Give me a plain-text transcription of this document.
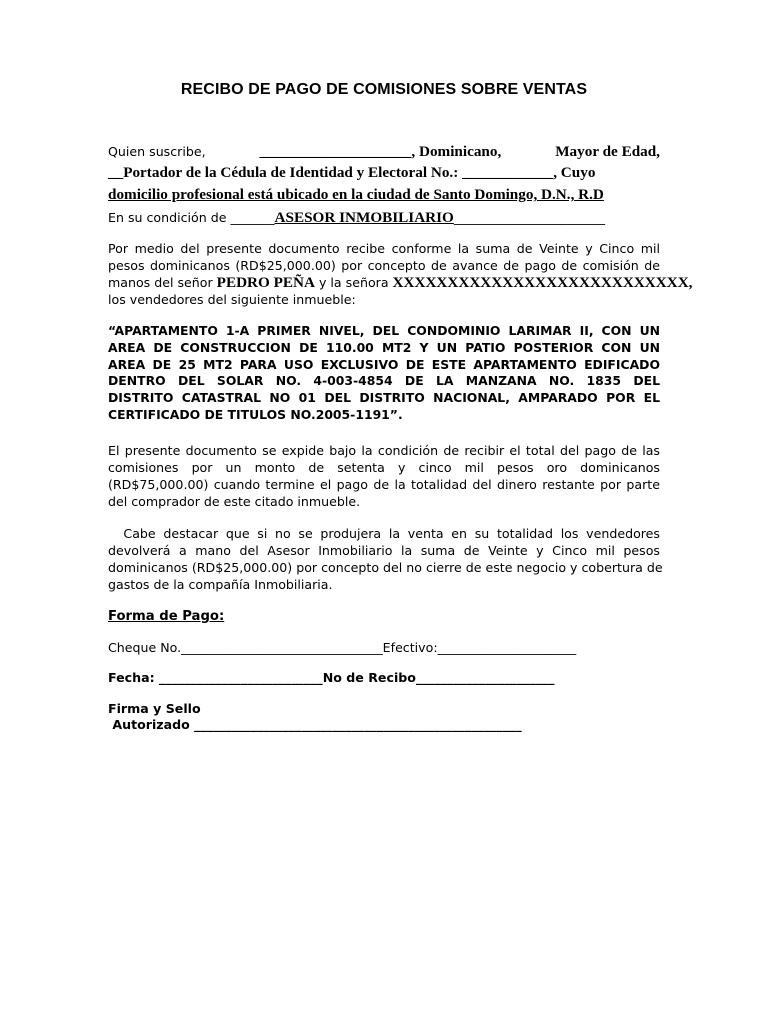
RECIBO DE PAGO DE COMISIONES SOBRE VENTAS
Quien suscribe,	____________________, Dominicano,	Mayor de Edad,
__Portador de la Cédula de Identidad y Electoral No.: ____________, Cuyo
domicilio profesional está ubicado en la ciudad de Santo Domingo, D.N., R.D
En su condición de _______ASESOR INMOBILIARIO________________________
Por medio del presente documento recibe conforme la suma de Veinte y Cinco mil
pesos dominicanos (RD$25,000.00) por concepto de avance de pago de comisión de
manos del señor PEDRO PEÑA y la señora XXXXXXXXXXXXXXXXXXXXXXXXXXX,
los vendedores del siguiente inmueble:
“APARTAMENTO 1-A PRIMER NIVEL, DEL CONDOMINIO LARIMAR II, CON UN
AREA DE CONSTRUCCION DE 110.00 MT2 Y UN PATIO POSTERIOR CON UN
AREA DE 25 MT2 PARA USO EXCLUSIVO DE ESTE APARTAMENTO EDIFICADO
DENTRO DEL SOLAR NO. 4-003-4854 DE LA MANZANA NO. 1835 DEL
DISTRITO CATASTRAL NO 01 DEL DISTRITO NACIONAL, AMPARADO POR EL
CERTIFICADO DE TITULOS NO.2005-1191”.
El presente documento se expide bajo la condición de recibir el total del pago de las
comisiones por un monto de setenta y cinco mil pesos oro dominicanos
(RD$75,000.00) cuando termine el pago de la totalidad del dinero restante por parte
del comprador de este citado inmueble.
Cabe destacar que si no se produjera la venta en su totalidad los vendedores
devolverá a mano del Asesor Inmobiliario la suma de Veinte y Cinco mil pesos
dominicanos (RD$25,000.00) por concepto del no cierre de este negocio y cobertura de
gastos de la compañía Inmobiliaria.
Forma de Pago:
Cheque No.________________________________Efectivo:______________________
Fecha: __________________________No de Recibo______________________
Firma y Sello
Autorizado ____________________________________________________
